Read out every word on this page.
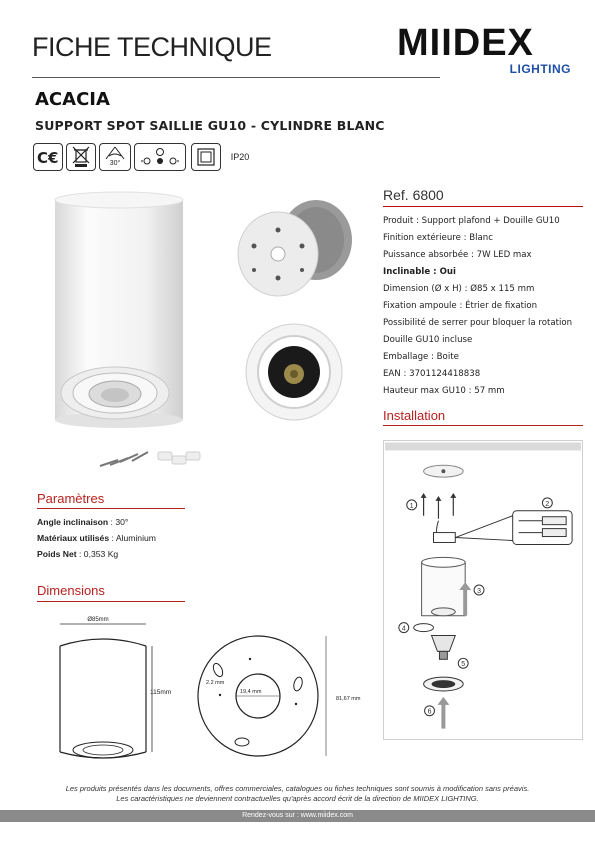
FICHE TECHNIQUE	MIIDEX
LIGHTING
ACACIA
SUPPORT SPOT SAILLIE GU10 - CYLINDRE BLANC
C€	30°
IP20
Ref. 6800
Produit : Support plafond + Douille GU10
Finition extérieure : Blanc
Puissance absorbée : 7W LED max
Inclinable : Oui
Dimension (Ø x H) : Ø85 x 115 mm
Fixation ampoule : Étrier de fixation
Possibilité de serrer pour bloquer la rotation
Douille GU10 incluse
Emballage : Boite
EAN : 3701124418838
Hauteur max GU10 : 57 mm
Installation
1	2
3
4
5
6
Paramètres
Angle inclinaison : 30°
Matériaux utilisés : Aluminium
Poids Net : 0,353 Kg
Dimensions
Ø85mm
115mm
2.2 mm
19,4 mm
81,67 mm
Les produits présentés dans les documents, offres commerciales, catalogues ou fiches techniques sont soumis à modification sans préavis.
Les caractéristiques ne deviennent contractuelles qu'après accord écrit de la direction de MIIDEX LIGHTING.
Rendez-vous sur : www.miidex.com
